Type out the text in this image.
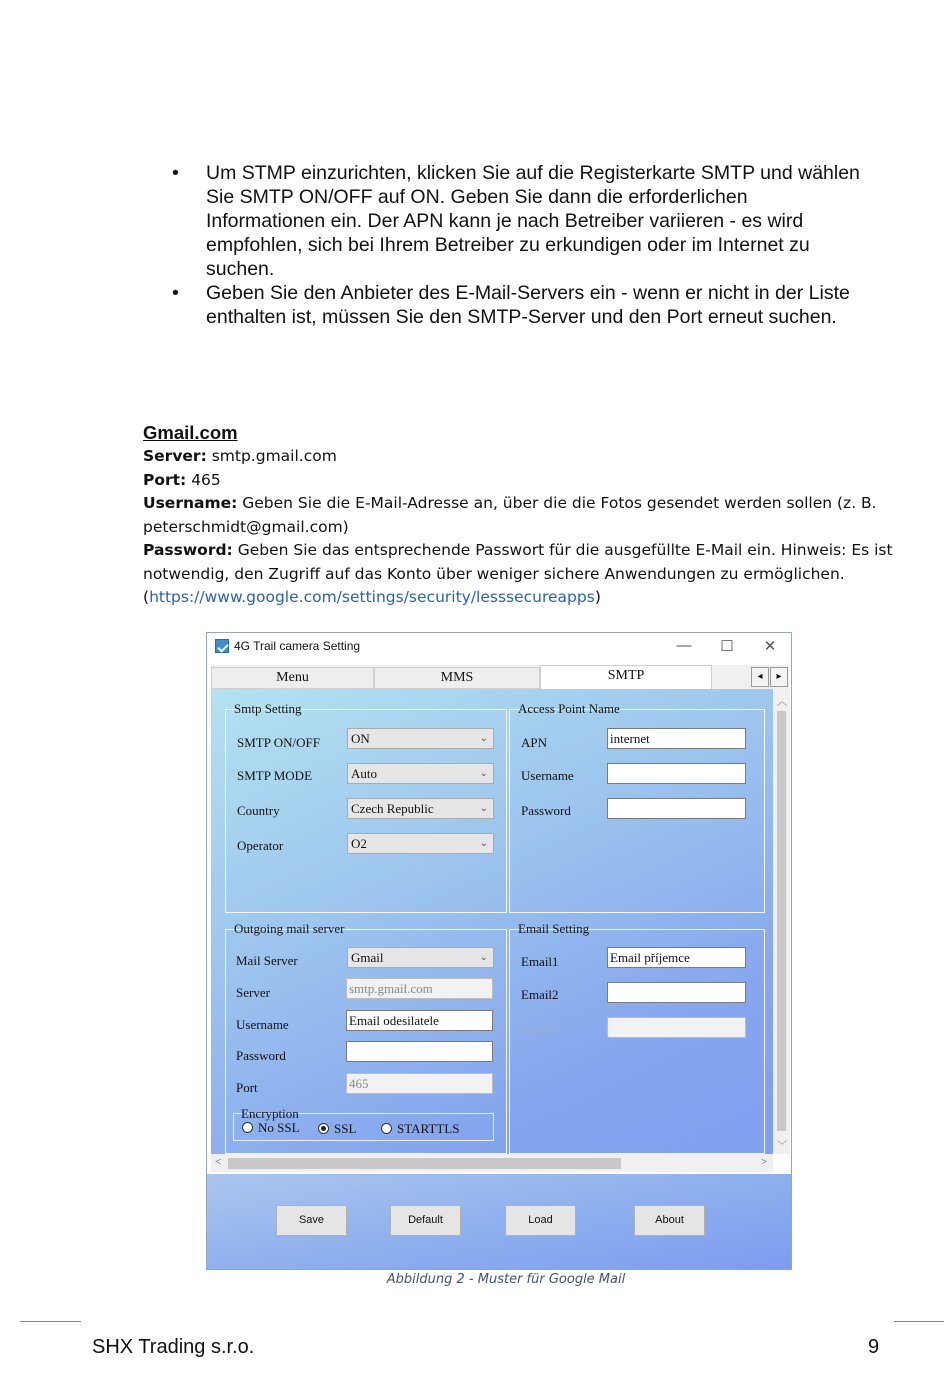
• Um STMP einzurichten, klicken Sie auf die Registerkarte SMTP und wählen Sie SMTP ON/OFF auf ON. Geben Sie dann die erforderlichen Informationen ein. Der APN kann je nach Betreiber variieren - es wird empfohlen, sich bei Ihrem Betreiber zu erkundigen oder im Internet zu suchen.
• Geben Sie den Anbieter des E-Mail-Servers ein - wenn er nicht in der Liste enthalten ist, müssen Sie den SMTP-Server und den Port erneut suchen.
Gmail.com
Server: smtp.gmail.com
Port: 465
Username: Geben Sie die E-Mail-Adresse an, über die die Fotos gesendet werden sollen (z. B. peterschmidt@gmail.com)
Password: Geben Sie das entsprechende Passwort für die ausgefüllte E-Mail ein. Hinweis: Es ist notwendig, den Zugriff auf das Konto über weniger sichere Anwendungen zu ermöglichen.
(https://www.google.com/settings/security/lesssecureapps)
4G Trail camera Setting	—	☐	✕
Menu	MMS	SMTP	◂	▸
Smtp Setting
SMTP ON/OFF	ON	⌄
SMTP MODE	Auto	⌄
Country	Czech Republic	⌄
Operator	O2	⌄
Access Point Name
APN	internet
Username
Password
Outgoing mail server
Mail Server	Gmail	⌄
Server	smtp.gmail.com
Username	Email odesilatele
Password
Port	465
Encryption
No SSL	SSL	STARTTLS
Email Setting
Email1	Email příjemce
Email2
Email3
︿
﹀
<	>
Save	Default	Load	About
Abbildung 2 - Muster für Google Mail
SHX Trading s.r.o.	9
